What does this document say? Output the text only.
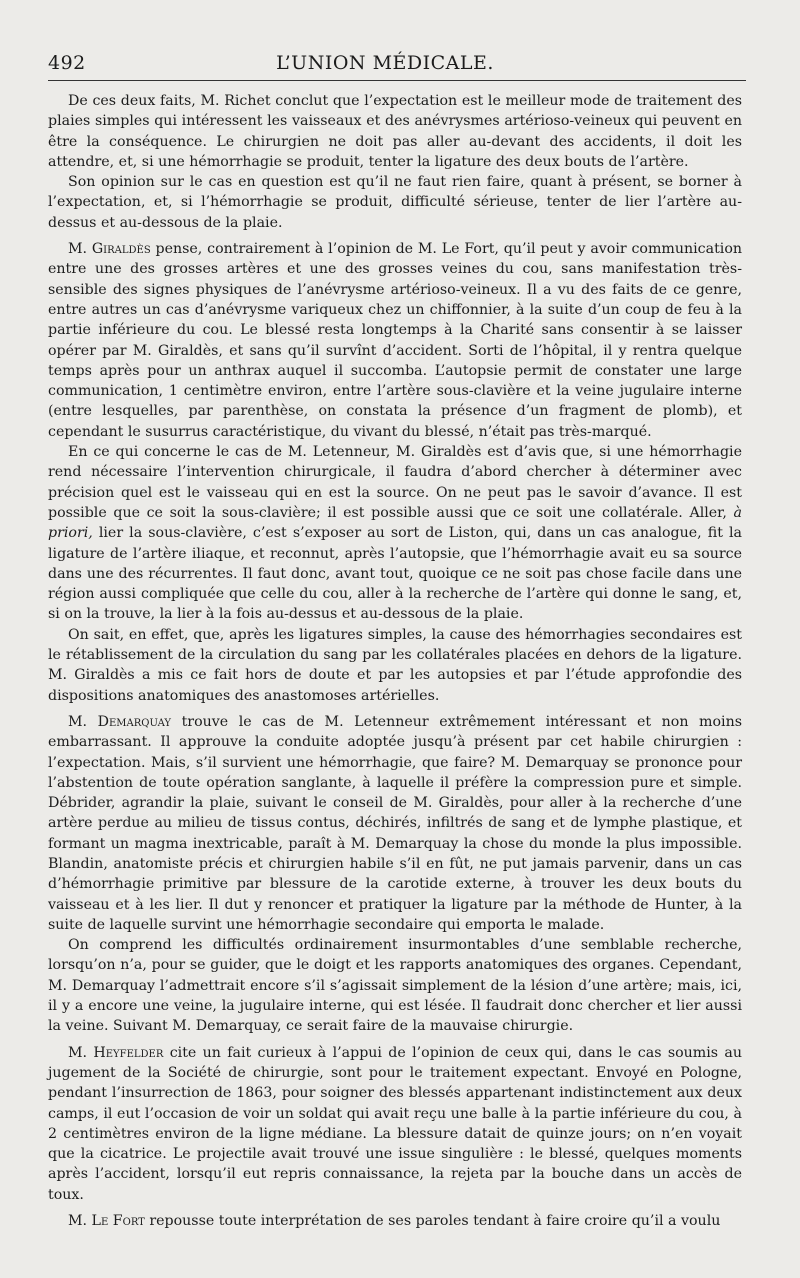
492	L’UNION MÉDICALE.

De ces deux faits, M. Richet conclut que l’expectation est le meilleur mode de traitement des plaies simples qui intéressent les vaisseaux et des anévrysmes artérioso-veineux qui peuvent en être la conséquence. Le chirurgien ne doit pas aller au-devant des accidents, il doit les attendre, et, si une hémorrhagie se produit, tenter la ligature des deux bouts de l’artère.

Son opinion sur le cas en question est qu’il ne faut rien faire, quant à présent, se borner à l’expectation, et, si l’hémorrhagie se produit, difficulté sérieuse, tenter de lier l’artère au-dessus et au-dessous de la plaie.

M. Giraldès pense, contrairement à l’opinion de M. Le Fort, qu’il peut y avoir communication entre une des grosses artères et une des grosses veines du cou, sans manifestation très-sensible des signes physiques de l’anévrysme artérioso-veineux. Il a vu des faits de ce genre, entre autres un cas d’anévrysme variqueux chez un chiffonnier, à la suite d’un coup de feu à la partie inférieure du cou. Le blessé resta longtemps à la Charité sans consentir à se laisser opérer par M. Giraldès, et sans qu’il survînt d’accident. Sorti de l’hôpital, il y rentra quelque temps après pour un anthrax auquel il succomba. L’autopsie permit de constater une large communication, 1 centimètre environ, entre l’artère sous-clavière et la veine jugulaire interne (entre lesquelles, par parenthèse, on constata la présence d’un fragment de plomb), et cependant le susurrus caractéristique, du vivant du blessé, n’était pas très-marqué.

En ce qui concerne le cas de M. Letenneur, M. Giraldès est d’avis que, si une hémorrhagie rend nécessaire l’intervention chirurgicale, il faudra d’abord chercher à déterminer avec précision quel est le vaisseau qui en est la source. On ne peut pas le savoir d’avance. Il est possible que ce soit la sous-clavière; il est possible aussi que ce soit une collatérale. Aller, à priori, lier la sous-clavière, c’est s’exposer au sort de Liston, qui, dans un cas analogue, fit la ligature de l’artère iliaque, et reconnut, après l’autopsie, que l’hémorrhagie avait eu sa source dans une des récurrentes. Il faut donc, avant tout, quoique ce ne soit pas chose facile dans une région aussi compliquée que celle du cou, aller à la recherche de l’artère qui donne le sang, et, si on la trouve, la lier à la fois au-dessus et au-dessous de la plaie.

On sait, en effet, que, après les ligatures simples, la cause des hémorrhagies secondaires est le rétablissement de la circulation du sang par les collatérales placées en dehors de la ligature. M. Giraldès a mis ce fait hors de doute et par les autopsies et par l’étude approfondie des dispositions anatomiques des anastomoses artérielles.

M. Demarquay trouve le cas de M. Letenneur extrêmement intéressant et non moins embarrassant. Il approuve la conduite adoptée jusqu’à présent par cet habile chirurgien : l’expectation. Mais, s’il survient une hémorrhagie, que faire? M. Demarquay se prononce pour l’abstention de toute opération sanglante, à laquelle il préfère la compression pure et simple. Débrider, agrandir la plaie, suivant le conseil de M. Giraldès, pour aller à la recherche d’une artère perdue au milieu de tissus contus, déchirés, infiltrés de sang et de lymphe plastique, et formant un magma inextricable, paraît à M. Demarquay la chose du monde la plus impossible. Blandin, anatomiste précis et chirurgien habile s’il en fût, ne put jamais parvenir, dans un cas d’hémorrhagie primitive par blessure de la carotide externe, à trouver les deux bouts du vaisseau et à les lier. Il dut y renoncer et pratiquer la ligature par la méthode de Hunter, à la suite de laquelle survint une hémorrhagie secondaire qui emporta le malade.

On comprend les difficultés ordinairement insurmontables d’une semblable recherche, lorsqu’on n’a, pour se guider, que le doigt et les rapports anatomiques des organes. Cependant, M. Demarquay l’admettrait encore s’il s’agissait simplement de la lésion d’une artère; mais, ici, il y a encore une veine, la jugulaire interne, qui est lésée. Il faudrait donc chercher et lier aussi la veine. Suivant M. Demarquay, ce serait faire de la mauvaise chirurgie.

M. Heyfelder cite un fait curieux à l’appui de l’opinion de ceux qui, dans le cas soumis au jugement de la Société de chirurgie, sont pour le traitement expectant. Envoyé en Pologne, pendant l’insurrection de 1863, pour soigner des blessés appartenant indistinctement aux deux camps, il eut l’occasion de voir un soldat qui avait reçu une balle à la partie inférieure du cou, à 2 centimètres environ de la ligne médiane. La blessure datait de quinze jours; on n’en voyait que la cicatrice. Le projectile avait trouvé une issue singulière : le blessé, quelques moments après l’accident, lorsqu’il eut repris connaissance, la rejeta par la bouche dans un accès de toux.

M. Le Fort repousse toute interprétation de ses paroles tendant à faire croire qu’il a voulu
